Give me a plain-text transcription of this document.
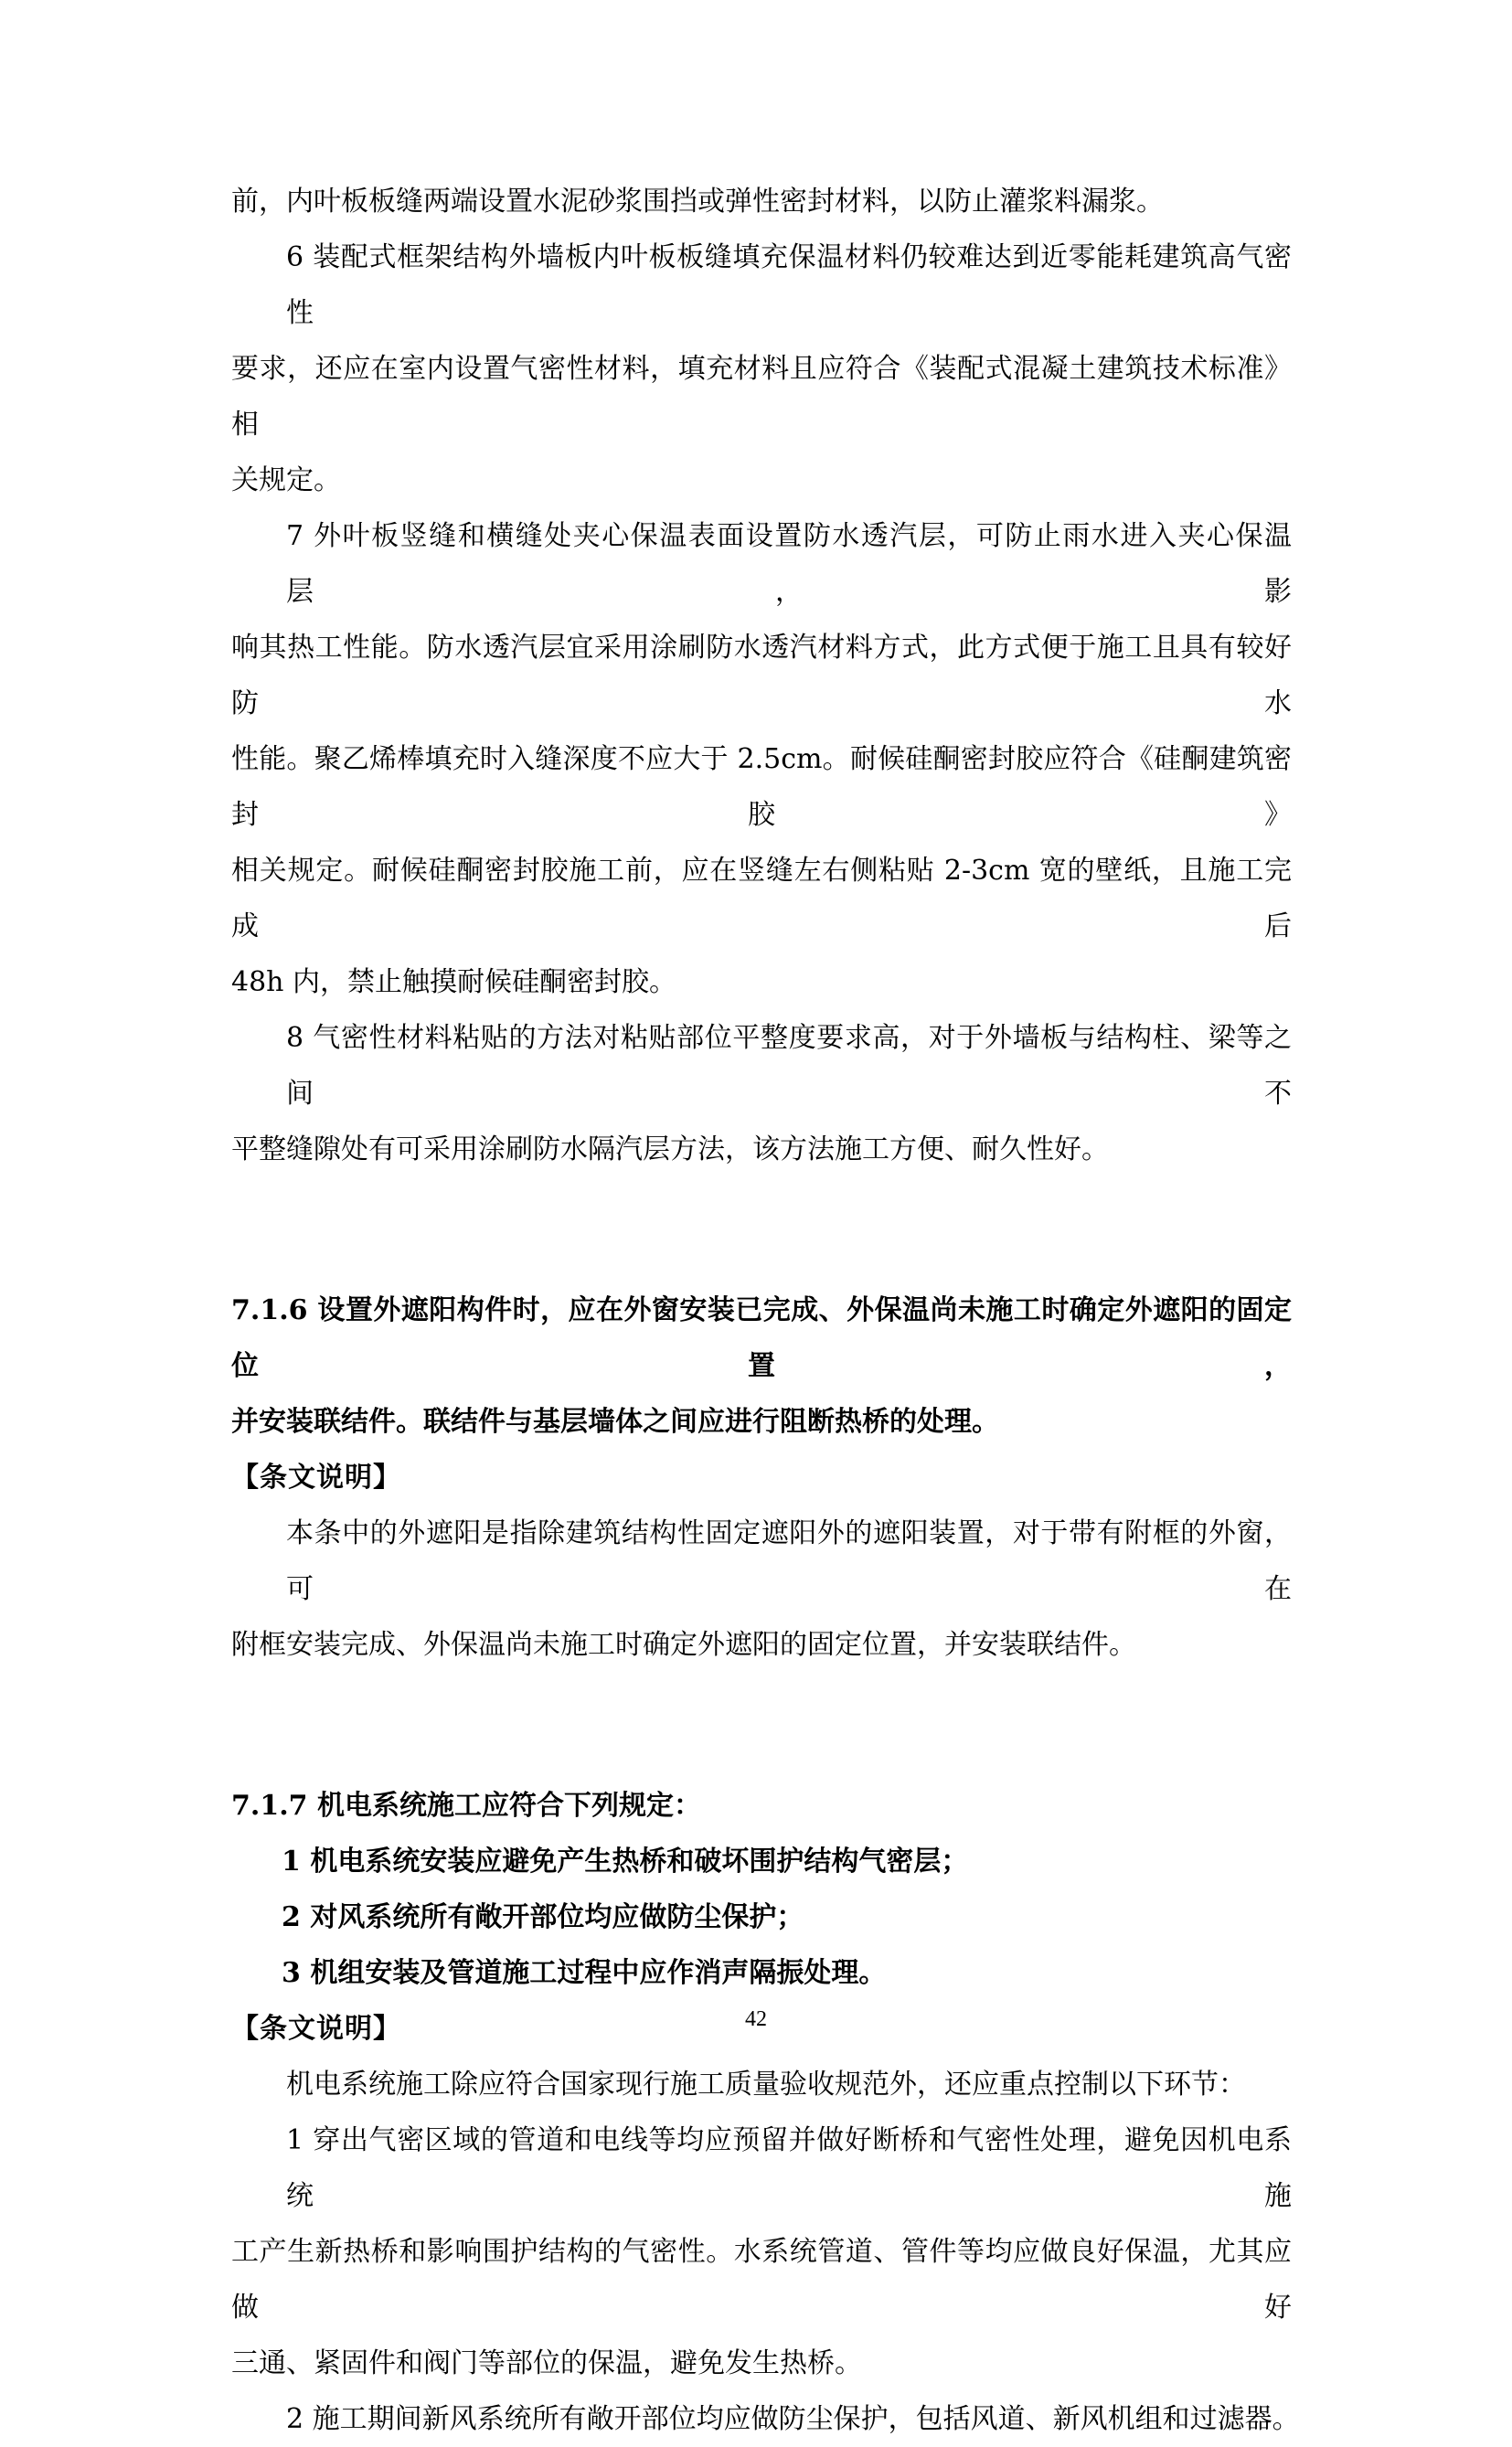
前，内叶板板缝两端设置水泥砂浆围挡或弹性密封材料，以防止灌浆料漏浆。

6 装配式框架结构外墙板内叶板板缝填充保温材料仍较难达到近零能耗建筑高气密性

要求，还应在室内设置气密性材料，填充材料且应符合《装配式混凝土建筑技术标准》 相

关规定。

7 外叶板竖缝和横缝处夹心保温表面设置防水透汽层，可防止雨水进入夹心保温层，影

响其热工性能。防水透汽层宜采用涂刷防水透汽材料方式，此方式便于施工且具有较好防水

性能。聚乙烯棒填充时入缝深度不应大于 2.5cm。耐候硅酮密封胶应符合《硅酮建筑密封胶》

相关规定。耐候硅酮密封胶施工前，应在竖缝左右侧粘贴 2-3cm 宽的壁纸，且施工完成后

48h 内，禁止触摸耐候硅酮密封胶。

8 气密性材料粘贴的方法对粘贴部位平整度要求高，对于外墙板与结构柱、梁等之间不

平整缝隙处有可采用涂刷防水隔汽层方法，该方法施工方便、耐久性好。

7.1.6 设置外遮阳构件时，应在外窗安装已完成、外保温尚未施工时确定外遮阳的固定位置，

并安装联结件。联结件与基层墙体之间应进行阻断热桥的处理。

【条文说明】

本条中的外遮阳是指除建筑结构性固定遮阳外的遮阳装置，对于带有附框的外窗，可在

附框安装完成、外保温尚未施工时确定外遮阳的固定位置，并安装联结件。

7.1.7 机电系统施工应符合下列规定：

1 机电系统安装应避免产生热桥和破坏围护结构气密层；

2 对风系统所有敞开部位均应做防尘保护；

3 机组安装及管道施工过程中应作消声隔振处理。

【条文说明】

机电系统施工除应符合国家现行施工质量验收规范外，还应重点控制以下环节：

1 穿出气密区域的管道和电线等均应预留并做好断桥和气密性处理，避免因机电系统施

工产生新热桥和影响围护结构的气密性。水系统管道、管件等均应做良好保温，尤其应做好

三通、紧固件和阀门等部位的保温，避免发生热桥。

2 施工期间新风系统所有敞开部位均应做防尘保护，包括风道、新风机组和过滤器。

42
